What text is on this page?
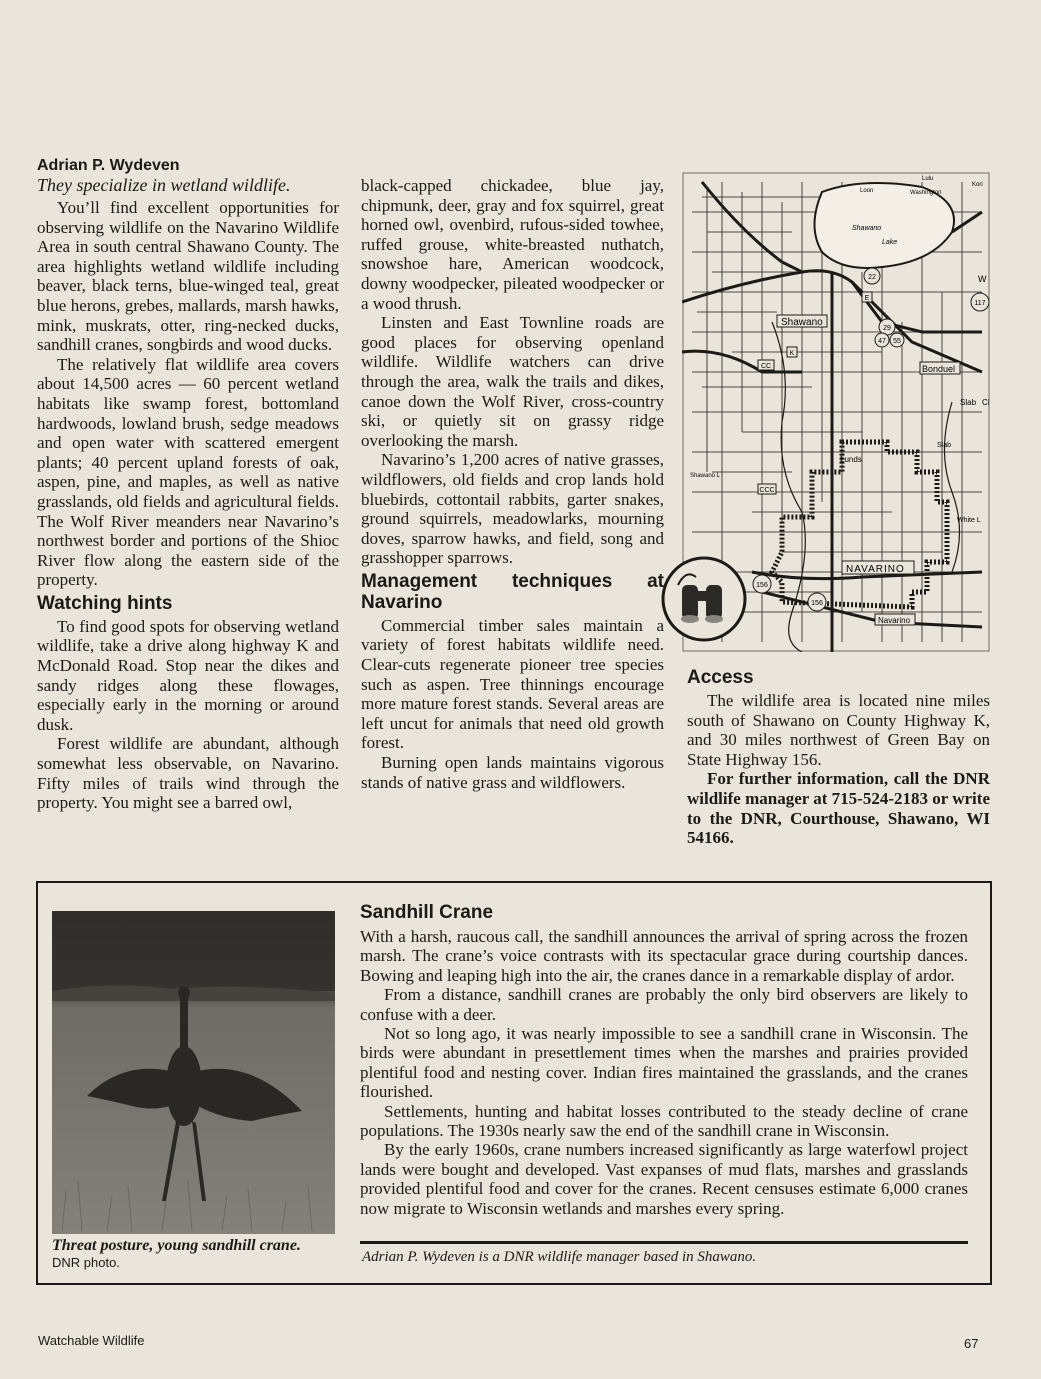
Adrian P. Wydeven
They specialize in wetland wildlife.

You’ll find excellent opportunities for observing wildlife on the Navarino Wildlife Area in south central Shawano County. The area highlights wetland wildlife including beaver, black terns, blue-winged teal, great blue herons, grebes, mallards, marsh hawks, mink, muskrats, otter, ring-necked ducks, sandhill cranes, songbirds and wood ducks.

The relatively flat wildlife area covers about 14,500 acres — 60 percent wetland habitats like swamp forest, bottomland hardwoods, lowland brush, sedge meadows and open water with scattered emergent plants; 40 percent upland forests of oak, aspen, pine, and maples, as well as native grasslands, old fields and agricultural fields. The Wolf River meanders near Navarino’s northwest border and portions of the Shioc River flow along the eastern side of the property.

Watching hints

To find good spots for observing wetland wildlife, take a drive along highway K and McDonald Road. Stop near the dikes and sandy ridges along these flowages, especially early in the morning or around dusk.

Forest wildlife are abundant, although somewhat less observable, on Navarino. Fifty miles of trails wind through the property. You might see a barred owl,

black-capped chickadee, blue jay, chipmunk, deer, gray and fox squirrel, great horned owl, ovenbird, rufous-sided towhee, ruffed grouse, white-breasted nuthatch, snowshoe hare, American woodcock, downy woodpecker, pileated woodpecker or a wood thrush.

Linsten and East Townline roads are good places for observing openland wildlife. Wildlife watchers can drive through the area, walk the trails and dikes, canoe down the Wolf River, cross-country ski, or quietly sit on grassy ridge overlooking the marsh.

Navarino’s 1,200 acres of native grasses, wildflowers, old fields and crop lands hold bluebirds, cottontail rabbits, garter snakes, ground squirrels, meadowlarks, mourning doves, sparrow hawks, and field, song and grasshopper sparrows.

Management techniques at Navarino

Commercial timber sales maintain a variety of forest habitats wildlife need. Clear-cuts regenerate pioneer tree species such as aspen. Tree thinnings encourage more mature forest stands. Several areas are left uncut for animals that need old growth forest.

Burning open lands maintains vigorous stands of native grass and wildflowers.

22
29
47 55
117
156
156
CC
CCC
K
E
Shawano
Lake
Shawano
Bonduel
NAVARINO
Navarino
Lunds
Slab
Slab
Ci
White L
W
Kori
Washington
Loon
Lulu
Shawano L
Access

The wildlife area is located nine miles south of Shawano on County Highway K, and 30 miles northwest of Green Bay on State Highway 156.

For further information, call the DNR wildlife manager at 715-524-2183 or write to the DNR, Courthouse, Shawano, WI 54166.

Threat posture, young sandhill crane.
DNR photo.
Sandhill Crane

With a harsh, raucous call, the sandhill announces the arrival of spring across the frozen marsh. The crane’s voice contrasts with its spectacular grace during courtship dances. Bowing and leaping high into the air, the cranes dance in a remarkable display of ardor.

From a distance, sandhill cranes are probably the only bird observers are likely to confuse with a deer.

Not so long ago, it was nearly impossible to see a sandhill crane in Wisconsin. The birds were abundant in presettlement times when the marshes and prairies provided plentiful food and nesting cover. Indian fires maintained the grasslands, and the cranes flourished.

Settlements, hunting and habitat losses contributed to the steady decline of crane populations. The 1930s nearly saw the end of the sandhill crane in Wisconsin.

By the early 1960s, crane numbers increased significantly as large waterfowl project lands were bought and developed. Vast expanses of mud flats, marshes and grasslands provided plentiful food and cover for the cranes. Recent censuses estimate 6,000 cranes now migrate to Wisconsin wetlands and marshes every spring.

Adrian P. Wydeven is a DNR wildlife manager based in Shawano.
Watchable Wildlife	67
